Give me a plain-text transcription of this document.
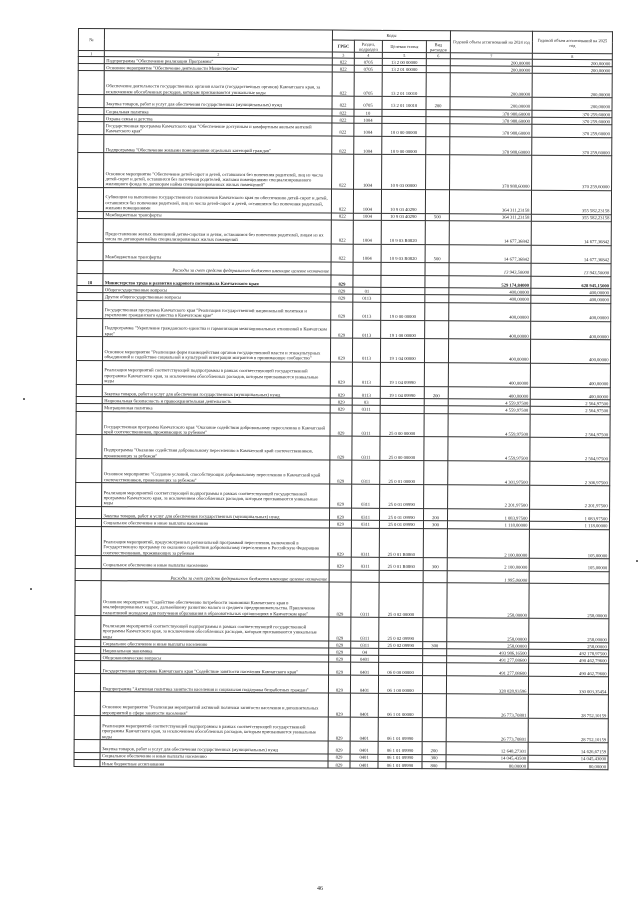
№		Коды				Годовой объем ассигнований на 2024 год	Годовой объем ассигнований на 2025 год
		ГРБС	Раздел, подраздел	Целевая статья	Вид расходов		
1	2	3	4	5	6	7	8
	Подпрограмма "Обеспечение реализации Программы"	822	0705	13 2 00 00000		200,00000	200,00000
	Основное мероприятие "Обеспечение деятельности Министерства"	822	0705	13 2 01 00000		200,00000	200,00000
	Обеспечение деятельности государственных органов власти (государственных органов) Камчатского края, за исключением обособленных расходов, которым присваиваются уникальные коды	822	0705	13 2 01 10010		200,00000	200,00000
	Закупка товаров, работ и услуг для обеспечения государственных (муниципальных) нужд	822	0705	13 2 01 10010	200	200,00000	200,00000
	Социальная политика	822	10			378 988,60000	370 259,60000
	Охрана семьи и детства	822	1004			378 988,60000	370 259,60000
	Государственная программа Камчатского края "Обеспечение доступным и комфортным жильем жителей Камчатского края"	822	1004	10 0 00 00000		378 988,60000	370 259,60000
	Подпрограмма "Обеспечение жилыми помещениями отдельных категорий граждан"	822	1004	10 9 00 00000		378 988,60000	370 259,60000
	Основное мероприятие "Обеспечение детей-сирот и детей, оставшихся без попечения родителей, лиц из числа детей-сирот и детей, оставшихся без попечения родителей, жилыми помещениями специализированного жилищного фонда по договорам найма специализированных жилых помещений"	822	1004	10 9 03 00000		378 988,60000	370 259,60000
	Субвенции на выполнение государственного полномочия Камчатского края по обеспечению детей-сирот и детей, оставшихся без попечения родителей, лиц из числа детей-сирот и детей, оставшихся без попечения родителей, жилыми помещениями	822	1004	10 9 03 40290		364 311,23158	355 582,23158
	Межбюджетные трансферты	822	1004	10 9 03 40290	500	364 311,23158	355 582,23158
	Предоставление жилых помещений детям-сиротам и детям, оставшимся без попечения родителей, лицам из их числа по договорам найма специализированных жилых помещений	822	1004	10 9 03 R0820		14 677,36842	14 677,36842
	Межбюджетные трансферты	822	1004	10 9 03 R0820	500	14 677,36842	14 677,36842
	Расходы за счет средств федерального бюджета имеющие целевое назначение					13 943,50000	13 943,50000
18	Министерство труда и развития кадрового потенциала Камчатского края	829				529 174,84000	628 945,15000
	Общегосударственные вопросы	829	01			400,00000	400,00000
	Другие общегосударственные вопросы	829	0113			400,00000	400,00000
	Государственная программа Камчатского края "Реализация государственной национальной политики и укрепление гражданского единства в Камчатском крае"	829	0113	19 0 00 00000		400,00000	400,00000
	Подпрограмма "Укрепление гражданского единства и гармонизация межнациональных отношений в Камчатском крае"	829	0113	19 1 00 00000		400,00000	400,00000
	Основное мероприятие "Реализация форм взаимодействия органов государственной власти и этнокультурных объединений и содействие социальной и культурной интеграции мигрантов в принимающее сообщество"	829	0113	19 1 04 00000		400,00000	400,00000
	Реализация мероприятий соответствующей подпрограммы в рамках соответствующей государственной программы Камчатского края, за исключением обособленных расходов, которым присваиваются уникальные коды	829	0113	19 1 04 09990		400,00000	400,00000
	Закупка товаров, работ и услуг для обеспечения государственных (муниципальных) нужд	829	0113	19 1 04 09990	200	400,00000	400,00000
	Национальная безопасность и правоохранительная деятельность	829	03			4 559,97500	2 564,97500
	Миграционная политика	829	0311			4 559,97500	2 564,97500
	Государственная программа Камчатского края "Оказание содействия добровольному переселению в Камчатский край соотечественников, проживающих за рубежом"	829	0311	25 0 00 00000		4 559,97500	2 564,97500
	Подпрограмма "Оказание содействия добровольному переселению в Камчатский край соотечественников, проживающих за рубежом"	829	0311	25 0 00 00000		4 559,97500	2 564,97500
	Основное мероприятие "Создание условий, способствующих добровольному переселению в Камчатский край соотечественников, проживающих за рубежом"	829	0311	25 0 01 00000		4 301,97500	2 306,97500
	Реализация мероприятий соответствующей подпрограммы в рамках соответствующей государственной программы Камчатского края, за исключением обособленных расходов, которым присваиваются уникальные коды	829	0311	25 0 01 09990		2 201,97500	2 201,97500
	Закупка товаров, работ и услуг для обеспечения государственных (муниципальных) нужд	829	0311	25 0 01 09990	200	1 083,97500	1 083,97500
	Социальное обеспечение и иные выплаты населению	829	0311	25 0 01 09990	300	1 118,00000	1 118,00000
	Реализация мероприятий, предусмотренных региональной программой переселения, включенной в Государственную программу по оказанию содействия добровольному переселению в Российскую Федерацию соотечественников, проживающих за рубежом	829	0311	25 0 01 R0860		2 100,00000	105,00000
	Социальное обеспечение и иные выплаты населению	829	0311	25 0 01 R0860	300	2 100,00000	105,00000
	Расходы за счет средств федерального бюджета имеющие целевое назначение					1 995,00000	
	Основное мероприятие "Содействие обеспечению потребности экономики Камчатского края в квалифицированных кадрах, дальнейшему развитию малого и среднего предпринимательства. Привлечение талантливой молодежи для получения образования в образовательных организациях в Камчатском крае"	829	0311	25 0 02 00000		258,00000	258,00000
	Реализация мероприятий соответствующей подпрограммы в рамках соответствующей государственной программы Камчатского края, за исключением обособленных расходов, которым присваиваются уникальные коды	829	0311	25 0 02 09990		258,00000	258,00000
	Социальное обеспечение и иные выплаты населению	829	0311	25 0 02 09990	300	258,00000	258,00000
	Национальная экономика	829	04			493 986,16500	492 178,97500
	Общеэкономические вопросы	829	0401			491 277,08600	490 462,79600
	Государственная программа Камчатского края "Содействие занятости населения Камчатского края"	829	0401	06 0 00 00000		491 277,08600	490 462,79600
	Подпрограмма "Активная политика занятости населения и социальная поддержка безработных граждан"	829	0401	06 1 00 00000		328 028,93596	330 003,35454
	Основное мероприятие "Реализация мероприятий активной политики занятости населения и дополнительных мероприятий в сфере занятости населения"	829	0401	06 1 01 00000		26 773,70801	28 752,10159
	Реализация мероприятий соответствующей подпрограммы в рамках соответствующей государственной программы Камчатского края, за исключением обособленных расходов, которым присваиваются уникальные коды	829	0401	06 1 01 09990		26 773,70801	28 752,10159
	Закупка товаров, работ и услуг для обеспечения государственных (муниципальных) нужд	829	0401	06 1 01 09990	200	12 648,27301	14 626,67159
	Социальное обеспечение и иные выплаты населению	829	0401	06 1 01 09990	300	14 045,43500	14 045,43000
	Иные бюджетные ассигнования	829	0401	06 1 01 09990	800	80,00000	80,00000
46
